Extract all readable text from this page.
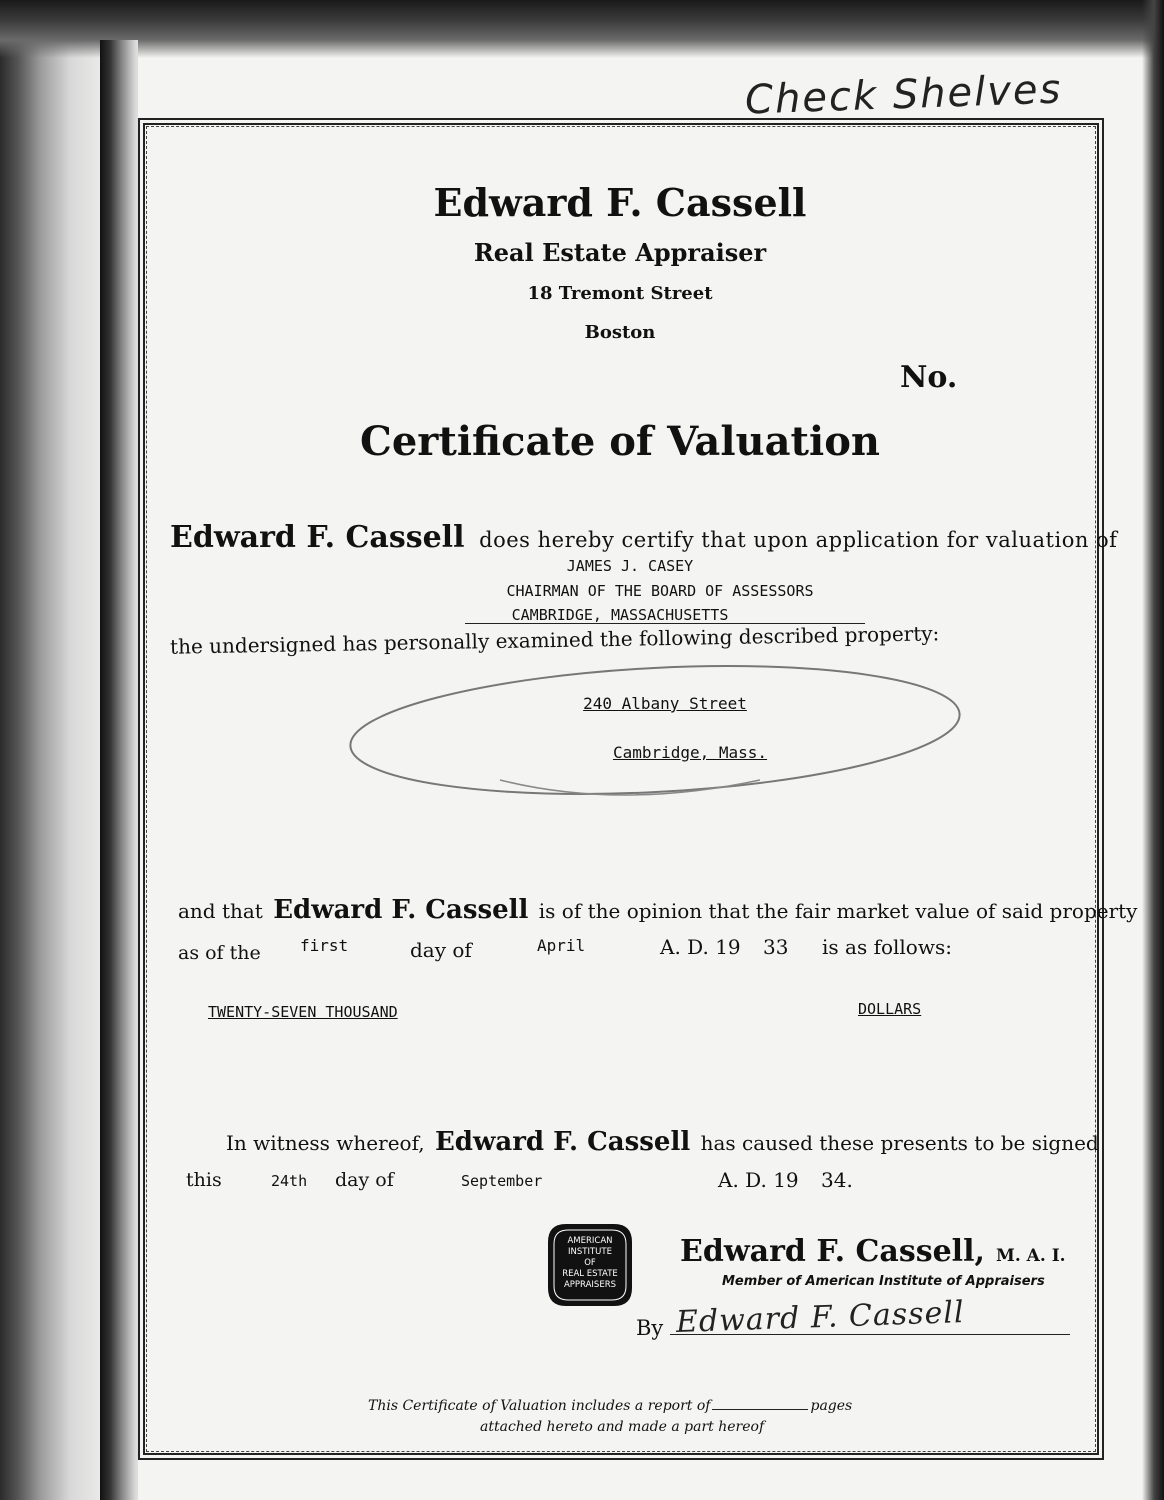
Check Shelves
Edward F. Cassell
Real Estate Appraiser
18 Tremont Street
Boston
No.
Certificate of Valuation
Edward F. Cassell does hereby certify that upon application for valuation of
JAMES J. CASEY
CHAIRMAN OF THE BOARD OF ASSESSORS
CAMBRIDGE, MASSACHUSETTS
the undersigned has personally examined the following described property:
240 Albany Street
Cambridge, Mass.
and that Edward F. Cassell is of the opinion that the fair market value of said property
as of the first	day of	April	A. D. 19 33 is as follows:
TWENTY-SEVEN THOUSAND	DOLLARS
In witness whereof, Edward F. Cassell has caused these presents to be signed
this	24th day of	September	A. D. 19 34.
AMERICAN
INSTITUTE
OF
REAL ESTATE
APPRAISERS
Edward F. Cassell, M. A. I.
Member of American Institute of Appraisers
By Edward F. Cassell
This Certificate of Valuation includes a report of	pages
attached hereto and made a part hereof
